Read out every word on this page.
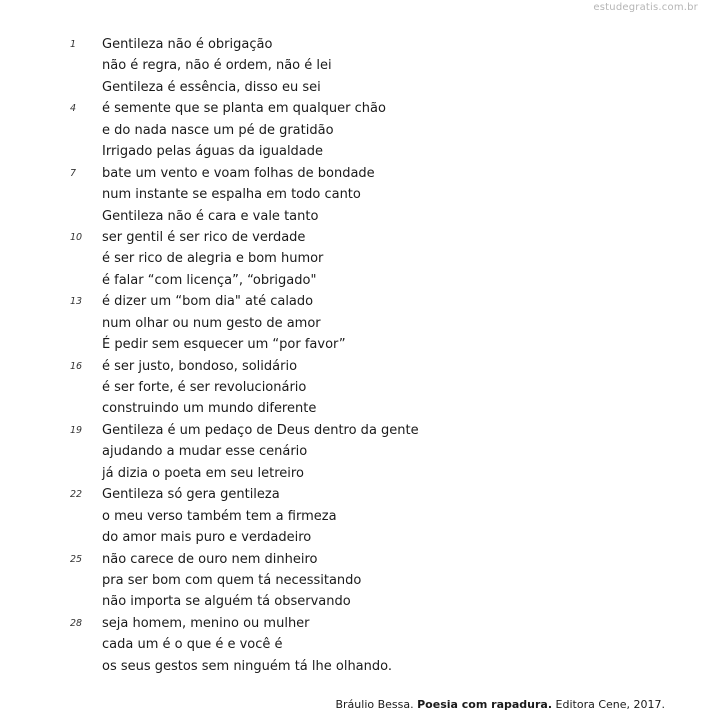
estudegratis.com.br
1	Gentileza não é obrigação
não é regra, não é ordem, não é lei
Gentileza é essência, disso eu sei
4	é semente que se planta em qualquer chão
e do nada nasce um pé de gratidão
Irrigado pelas águas da igualdade
7	bate um vento e voam folhas de bondade
num instante se espalha em todo canto
Gentileza não é cara e vale tanto
10 ser gentil é ser rico de verdade
é ser rico de alegria e bom humor
é falar “com licença”, “obrigado"
13 é dizer um “bom dia" até calado
num olhar ou num gesto de amor
É pedir sem esquecer um “por favor”
16 é ser justo, bondoso, solidário
é ser forte, é ser revolucionário
construindo um mundo diferente
19 Gentileza é um pedaço de Deus dentro da gente
ajudando a mudar esse cenário
já dizia o poeta em seu letreiro
22 Gentileza só gera gentileza
o meu verso também tem a firmeza
do amor mais puro e verdadeiro
25 não carece de ouro nem dinheiro
pra ser bom com quem tá necessitando
não importa se alguém tá observando
28 seja homem, menino ou mulher
cada um é o que é e você é
os seus gestos sem ninguém tá lhe olhando.
Bráulio Bessa. Poesia com rapadura. Editora Cene, 2017.
